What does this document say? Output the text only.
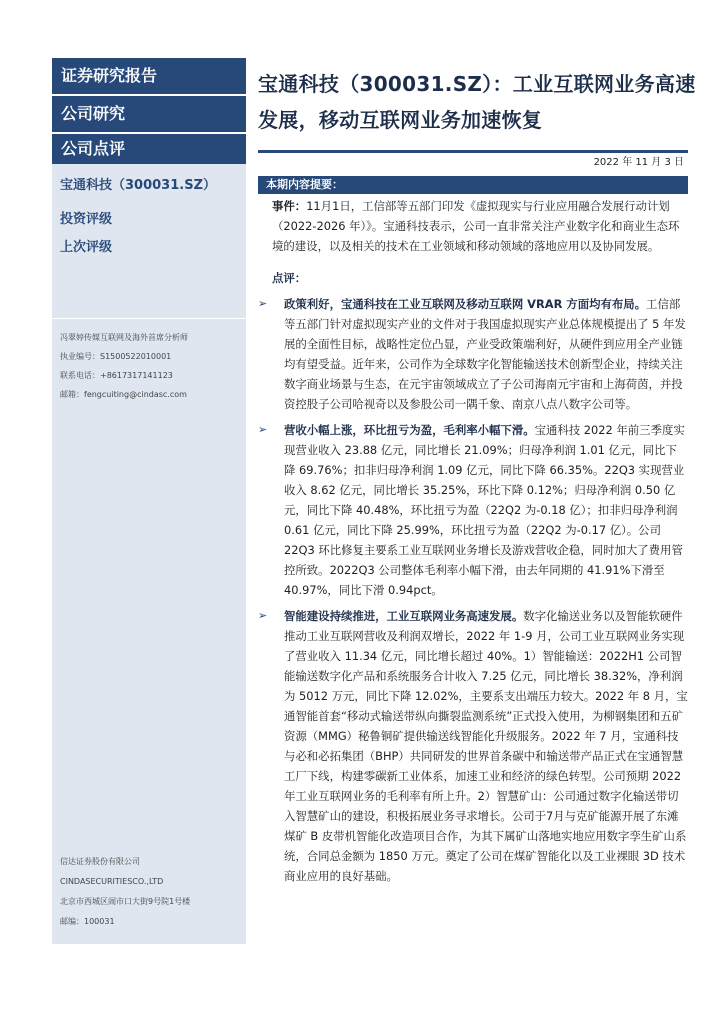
证券研究报告
公司研究
公司点评
宝通科技（300031.SZ）
投资评级
上次评级
冯翠婷传媒互联网及海外首席分析师
执业编号：S1500522010001
联系电话：+8617317141123
邮箱：fengcuiting@cindasc.com
信达证券股份有限公司
CINDASECURITIESCO.,LTD
北京市西城区闹市口大街9号院1号楼
邮编：100031
宝通科技（300031.SZ）：工业互联网业务高速发展，移动互联网业务加速恢复
2022 年 11 月 3 日
本期内容提要：

事件：11月1日，工信部等五部门印发《虚拟现实与行业应用融合发展行动计划（2022-2026 年）》。宝通科技表示，公司一直非常关注产业数字化和商业生态环境的建设，以及相关的技术在工业领域和移动领域的落地应用以及协同发展。

点评：

➢ 政策利好，宝通科技在工业互联网及移动互联网 VRAR 方面均有布局。工信部等五部门针对虚拟现实产业的文件对于我国虚拟现实产业总体规模提出了 5 年发展的全面性目标，战略性定位凸显，产业受政策端利好，从硬件到应用全产业链均有望受益。近年来，公司作为全球数字化智能输送技术创新型企业，持续关注数字商业场景与生态，在元宇宙领域成立了子公司海南元宇宙和上海荷茵，并投资控股子公司哈视奇以及参股公司一隅千象、南京八点八数字公司等。
➢ 营收小幅上涨，环比扭亏为盈，毛利率小幅下滑。宝通科技 2022 年前三季度实现营业收入 23.88 亿元，同比增长 21.09%；归母净利润 1.01 亿元，同比下降 69.76%；扣非归母净利润 1.09 亿元，同比下降 66.35%。22Q3 实现营业收入 8.62 亿元，同比增长 35.25%，环比下降 0.12%；归母净利润 0.50 亿元，同比下降 40.48%，环比扭亏为盈（22Q2 为-0.18 亿）；扣非归母净利润 0.61 亿元，同比下降 25.99%，环比扭亏为盈（22Q2 为-0.17 亿）。公司 22Q3 环比修复主要系工业互联网业务增长及游戏营收企稳，同时加大了费用管控所致。2022Q3 公司整体毛利率小幅下滑，由去年同期的 41.91%下滑至 40.97%，同比下滑 0.94pct。
➢ 智能建设持续推进，工业互联网业务高速发展。数字化输送业务以及智能软硬件推动工业互联网营收及利润双增长，2022 年 1-9 月，公司工业互联网业务实现了营业收入 11.34 亿元，同比增长超过 40%。1）智能输送：2022H1 公司智能输送数字化产品和系统服务合计收入 7.25 亿元，同比增长 38.32%，净利润为 5012 万元，同比下降 12.02%，主要系支出端压力较大。2022 年 8 月，宝通智能首套“移动式输送带纵向撕裂监测系统”正式投入使用，为柳钢集团和五矿资源（MMG）秘鲁铜矿提供输送线智能化升级服务。2022 年 7 月，宝通科技与必和必拓集团（BHP）共同研发的世界首条碳中和输送带产品正式在宝通智慧工厂下线，构建零碳新工业体系，加速工业和经济的绿色转型。公司预期 2022 年工业互联网业务的毛利率有所上升。2）智慧矿山：公司通过数字化输送带切入智慧矿山的建设，积极拓展业务寻求增长。公司于7月与克矿能源开展了东滩煤矿 B 皮带机智能化改造项目合作，为其下属矿山落地实地应用数字孪生矿山系统，合同总金额为 1850 万元。奠定了公司在煤矿智能化以及工业裸眼 3D 技术商业应用的良好基础。
